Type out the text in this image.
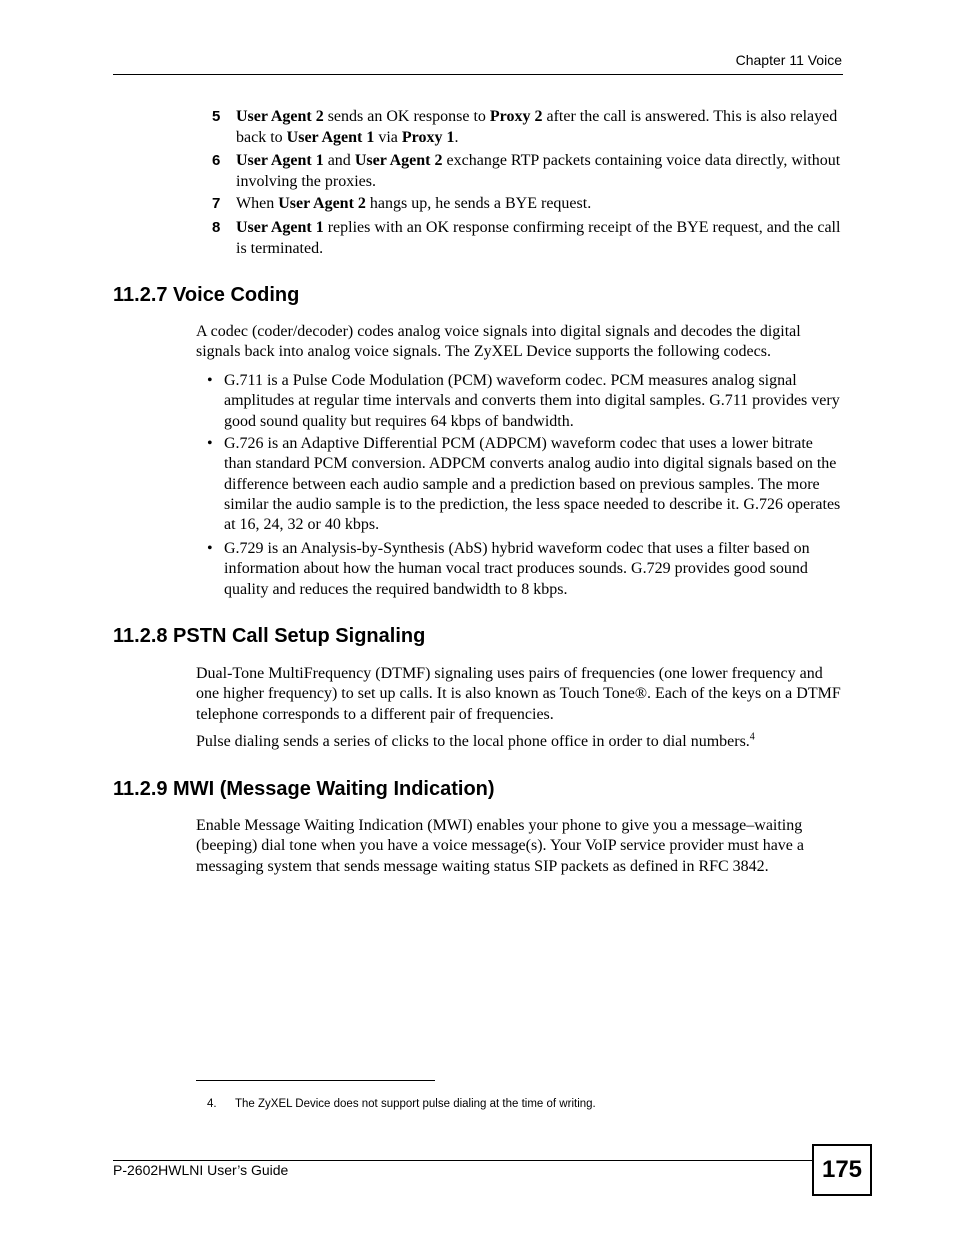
Chapter 11 Voice
5 User Agent 2 sends an OK response to Proxy 2 after the call is answered. This is also relayed back to User Agent 1 via Proxy 1.
6 User Agent 1 and User Agent 2 exchange RTP packets containing voice data directly, without involving the proxies.
7 When User Agent 2 hangs up, he sends a BYE request.
8 User Agent 1 replies with an OK response confirming receipt of the BYE request, and the call is terminated.
11.2.7 Voice Coding

A codec (coder/decoder) codes analog voice signals into digital signals and decodes the digital signals back into analog voice signals. The ZyXEL Device supports the following codecs.

• G.711 is a Pulse Code Modulation (PCM) waveform codec. PCM measures analog signal amplitudes at regular time intervals and converts them into digital samples. G.711 provides very good sound quality but requires 64 kbps of bandwidth.
• G.726 is an Adaptive Differential PCM (ADPCM) waveform codec that uses a lower bitrate than standard PCM conversion. ADPCM converts analog audio into digital signals based on the difference between each audio sample and a prediction based on previous samples. The more similar the audio sample is to the prediction, the less space needed to describe it. G.726 operates at 16, 24, 32 or 40 kbps.
• G.729 is an Analysis-by-Synthesis (AbS) hybrid waveform codec that uses a filter based on information about how the human vocal tract produces sounds. G.729 provides good sound quality and reduces the required bandwidth to 8 kbps.
11.2.8 PSTN Call Setup Signaling

Dual-Tone MultiFrequency (DTMF) signaling uses pairs of frequencies (one lower frequency and one higher frequency) to set up calls. It is also known as Touch Tone®. Each of the keys on a DTMF telephone corresponds to a different pair of frequencies.

Pulse dialing sends a series of clicks to the local phone office in order to dial numbers.$^4$

11.2.9 MWI (Message Waiting Indication)

Enable Message Waiting Indication (MWI) enables your phone to give you a message–waiting (beeping) dial tone when you have a voice message(s). Your VoIP service provider must have a messaging system that sends message waiting status SIP packets as defined in RFC 3842.

4. The ZyXEL Device does not support pulse dialing at the time of writing.
P-2602HWLNI User’s Guide	175
